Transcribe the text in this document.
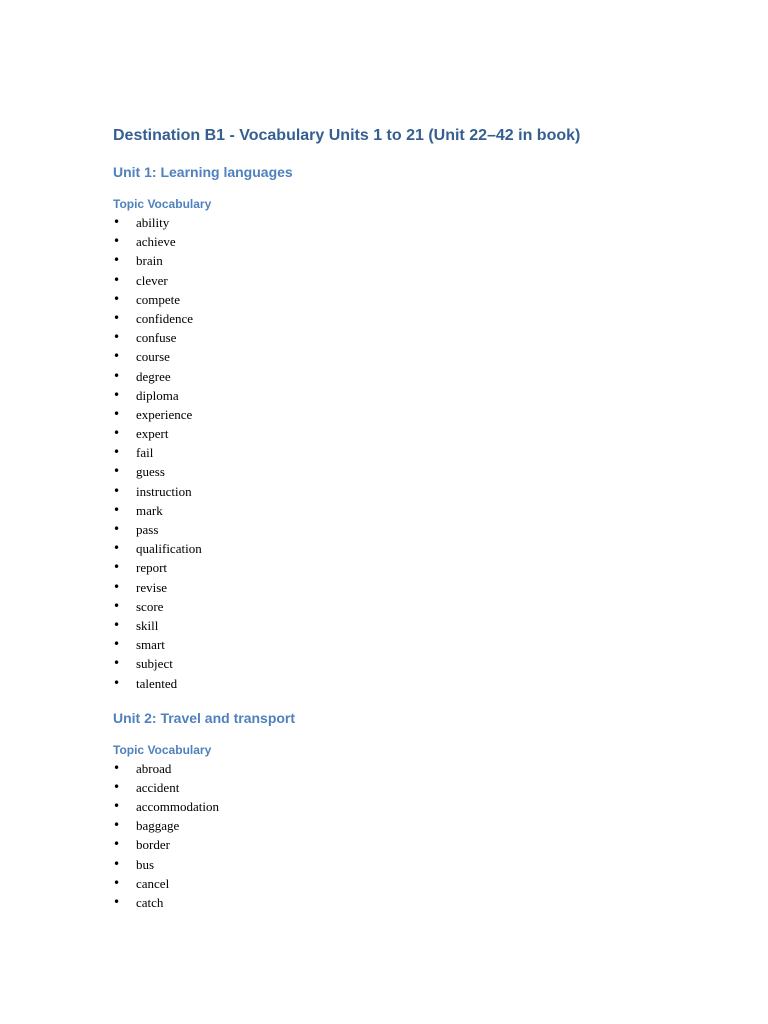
Destination B1 - Vocabulary Units 1 to 21 (Unit 22–42 in book)
Unit 1: Learning languages
Topic Vocabulary
• ability
• achieve
• brain
• clever
• compete
• confidence
• confuse
• course
• degree
• diploma
• experience
• expert
• fail
• guess
• instruction
• mark
• pass
• qualification
• report
• revise
• score
• skill
• smart
• subject
• talented
Unit 2: Travel and transport
Topic Vocabulary
• abroad
• accident
• accommodation
• baggage
• border
• bus
• cancel
• catch
